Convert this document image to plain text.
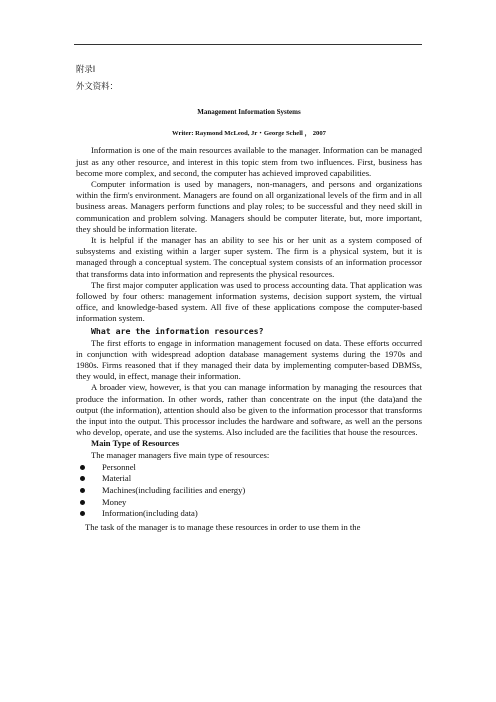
附录Ⅰ

外文资料：

Management Information Systems

Writer: Raymond McLeod, Jr・George Schell ， 2007

Information is one of the main resources available to the manager. Information can be managed just as any other resource, and interest in this topic stem from two influences. First, business has become more complex, and second, the computer has achieved improved capabilities.

Computer information is used by managers, non-managers, and persons and organizations within the firm's environment. Managers are found on all organizational levels of the firm and in all business areas. Managers perform functions and play roles; to be successful and they need skill in communication and problem solving. Managers should be computer literate, but, more important, they should be information literate.

It is helpful if the manager has an ability to see his or her unit as a system composed of subsystems and existing within a larger super system. The firm is a physical system, but it is managed through a conceptual system. The conceptual system consists of an information processor that transforms data into information and represents the physical resources.

The first major computer application was used to process accounting data. That application was followed by four others: management information systems, decision support system, the virtual office, and knowledge-based system. All five of these applications compose the computer-based information system.

What are the information resources?

The first efforts to engage in information management focused on data. These efforts occurred in conjunction with widespread adoption database management systems during the 1970s and 1980s. Firms reasoned that if they managed their data by implementing computer-based DBMSs, they would, in effect, manage their information.

A broader view, however, is that you can manage information by managing the resources that produce the information. In other words, rather than concentrate on the input (the data)and the output (the information), attention should also be given to the information processor that transforms the input into the output. This processor includes the hardware and software, as well an the persons who develop, operate, and use the systems. Also included are the facilities that house the resources.

Main Type of Resources

The manager managers five main type of resources:

Personnel
Material
Machines(including facilities and energy)
Money
Information(including data)

The task of the manager is to manage these resources in order to use them in the
